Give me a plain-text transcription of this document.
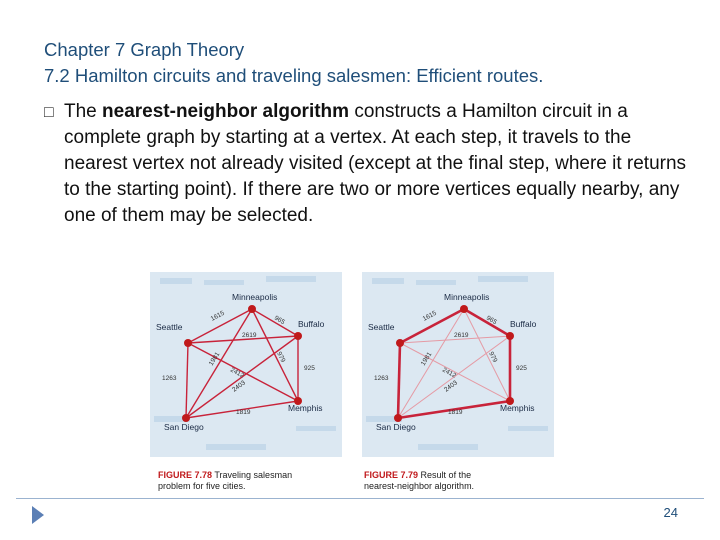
Chapter 7 Graph Theory
7.2 Hamilton circuits and traveling salesmen: Efficient routes.
□ The nearest-neighbor algorithm constructs a Hamilton circuit in a complete graph by starting at a vertex. At each step, it travels to the nearest vertex not already visited (except at the final step, where it returns to the starting point). If there are two or more vertices equally nearby, any one of them may be selected.
Minneapolis
Seattle	Buffalo
San Diego
Memphis
1615	965
2619
2412
1981	979
925
1263
2403
1819
FIGURE 7.78 Traveling salesman
problem for five cities.
Minneapolis
Seattle	Buffalo
San Diego
Memphis
1615	965
2619
2412
1981	979
925
1263
2403
1819
FIGURE 7.79 Result of the
nearest-neighbor algorithm.
24
